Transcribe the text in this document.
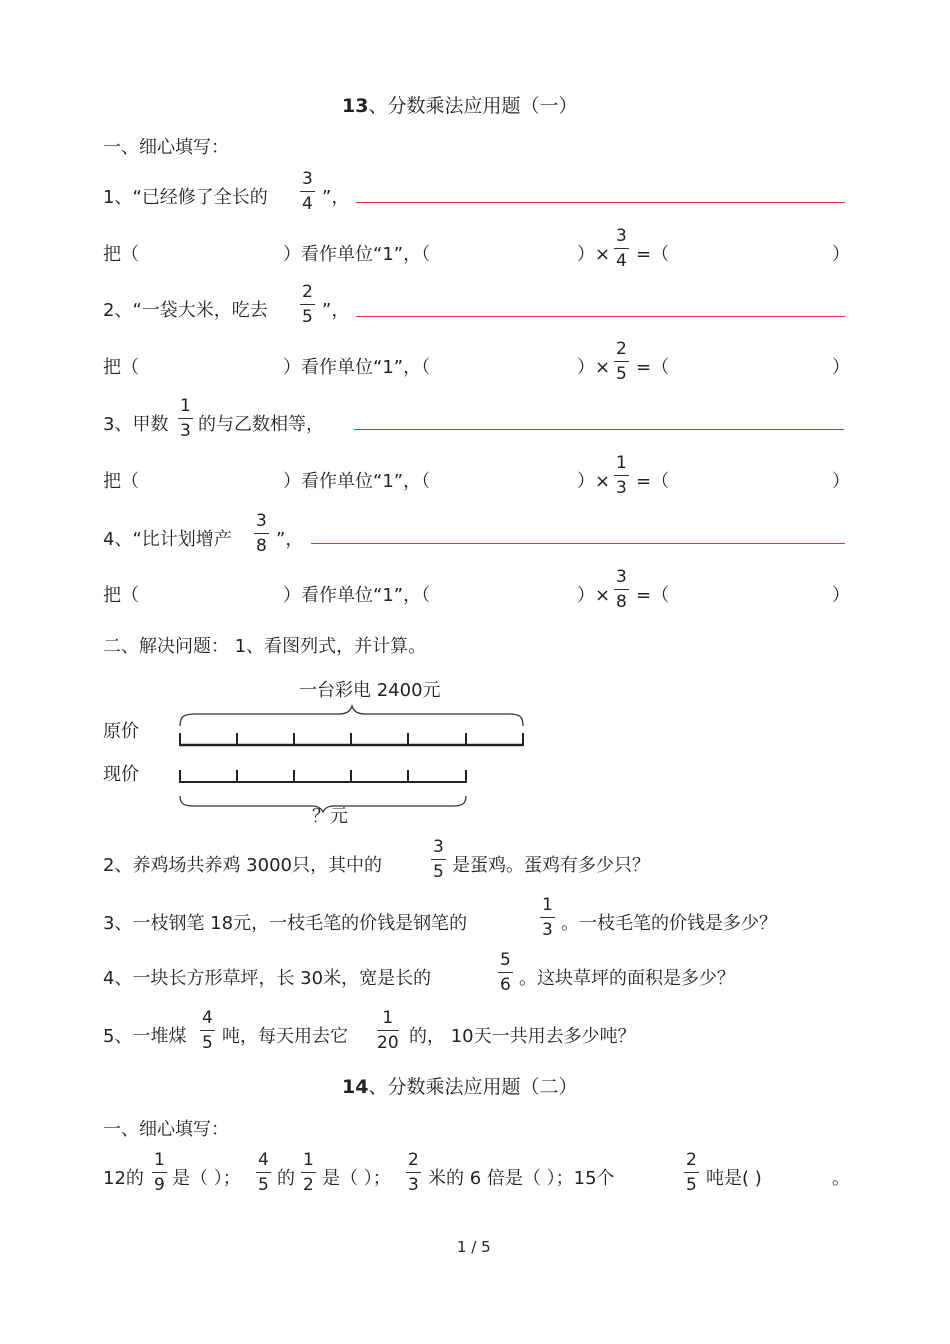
13、分数乘法应用题（一）
一、细心填写：
1、“已经修了全长的
3
4 ”，
把（	）看作单位“1”，（	）×
3
4 =（	）
2、“一袋大米，吃去
2
5 ”，
把（	）看作单位“1”，（	）×
2
5 =（	）
3、甲数
1
3 的与乙数相等，
把（	）看作单位“1”，（	）×
1
3 =（	）
4、“比计划增产
3
8 ”，
把（	）看作单位“1”，（	）×
3
8 =（	）
二、解决问题： 1、看图列式，并计算。
一台彩电 2400元
原价
现价
？元
2、养鸡场共养鸡 3000只，其中的
3
5 是蛋鸡。蛋鸡有多少只？
3、一枝钢笔 18元，一枝毛笔的价钱是钢笔的
1
3 。一枝毛笔的价钱是多少？
4、一块长方形草坪，长 30米，宽是长的
5
6 。这块草坪的面积是多少？
5、一堆煤
4
5 吨，每天用去它
1
20 的， 10天一共用去多少吨？
14、分数乘法应用题（二）
一、细心填写：
12的
1
9 是（ ）；
4
5 的
1
2 是（ ）；
2
3 米的 6 倍是（ ）；15个
2
5 吨是( )	。
1 / 5
